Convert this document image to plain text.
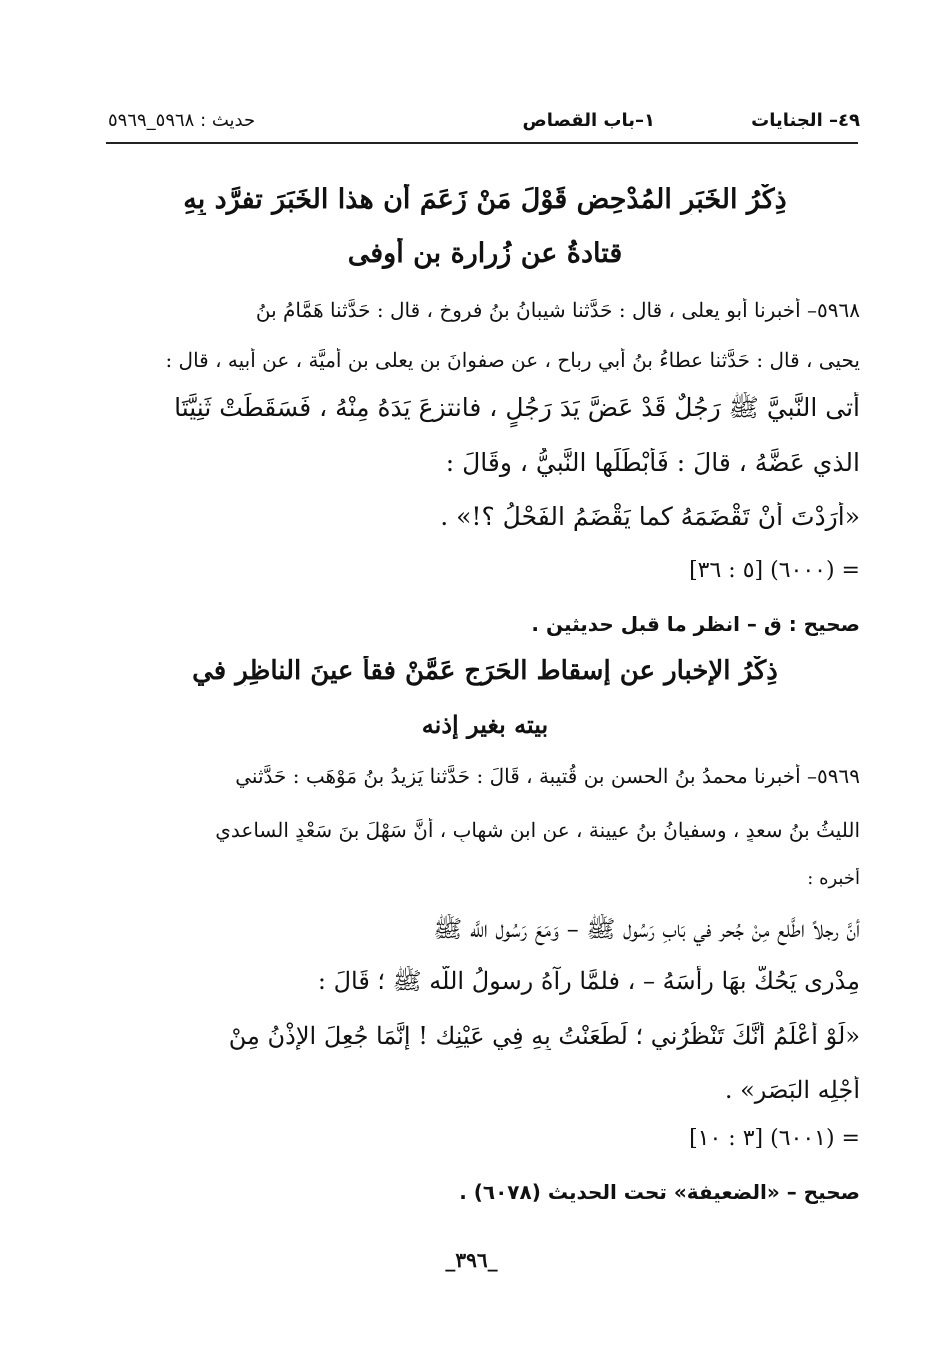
٤٩– الجنايات
١–باب القصاص
حديث : ٥٩٦٨_٥٩٦٩
ذِكْرُ الخَبَرِ المُدْحِضِ قَوْلَ مَنْ زَعَمَ أن هذا الخَبَرَ تفرَّد بِهِ
قتادةُ عن زُرارة بن أوفى
٥٩٦٨– أخبرنا أبو يعلى ، قال : حَدَّثنا شيبانُ بنُ فروخ ، قال : حَدَّثنا هَمَّامُ بنُ
يحيى ، قال : حَدَّثنا عطاءُ بنُ أبي رباح ، عن صفوانَ بن يعلى بن أميَّة ، عن أبيه ، قال :
أتى النَّبيَّ ﷺ رَجُلٌ قَدْ عَضَّ يَدَ رَجُلٍ ، فانتزعَ يَدَهُ مِنْهُ ، فَسَقَطَتْ ثَنِيَّتَا
الذي عَضَّهُ ، قالَ : فَأَبْطَلَها النَّبيُّ ، وقَالَ :
«أَرَدْتَ أَنْ تَقْضَمَهُ كما يَقْضَمُ الفَحْلُ ؟!» .
= (٦٠٠٠) [٥ : ٣٦]
صحيح : ق – انظر ما قبل حديثين .
ذِكْرُ الإِخبار عن إسقاط الحَرَجِ عَمَّنْ فقأ عينَ الناظِرِ في
بيته بغير إذنه
٥٩٦٩– أخبرنا محمدُ بنُ الحسن بن قُتيبة ، قَالَ : حَدَّثنا يَزيدُ بنُ مَوْهَب : حَدَّثني
الليثُ بنُ سعدٍ ، وسفيانُ بنُ عيينة ، عن ابنِ شهابٍ ، أَنَّ سَهْلَ بنَ سَعْدٍ الساعدي
أخبره :
أنَّ رجلاً اطَّلع مِنْ جُحر في بَابِ رَسُول ﷺ – وَمَعَ رَسُول اللَّه ﷺ
مِدْرى يَحُكُّ بهَا رأسَهُ – ، فلمَّا رآهُ رسولُ اللَّه ﷺ ؛ قَالَ :
«لَوْ أَعْلَمُ أَنَّكَ تَنْظُرُني ؛ لَطَعَنْتُ بِهِ فِي عَيْنِك ! إِنَّمَا جُعِلَ الإِذْنُ مِنْ
أَجْلِه البَصَرِ» .
= (٦٠٠١) [٣ : ١٠]
صحيح – «الضعيفة» تحت الحديث (٦٠٧٨) .
_٣٩٦_
